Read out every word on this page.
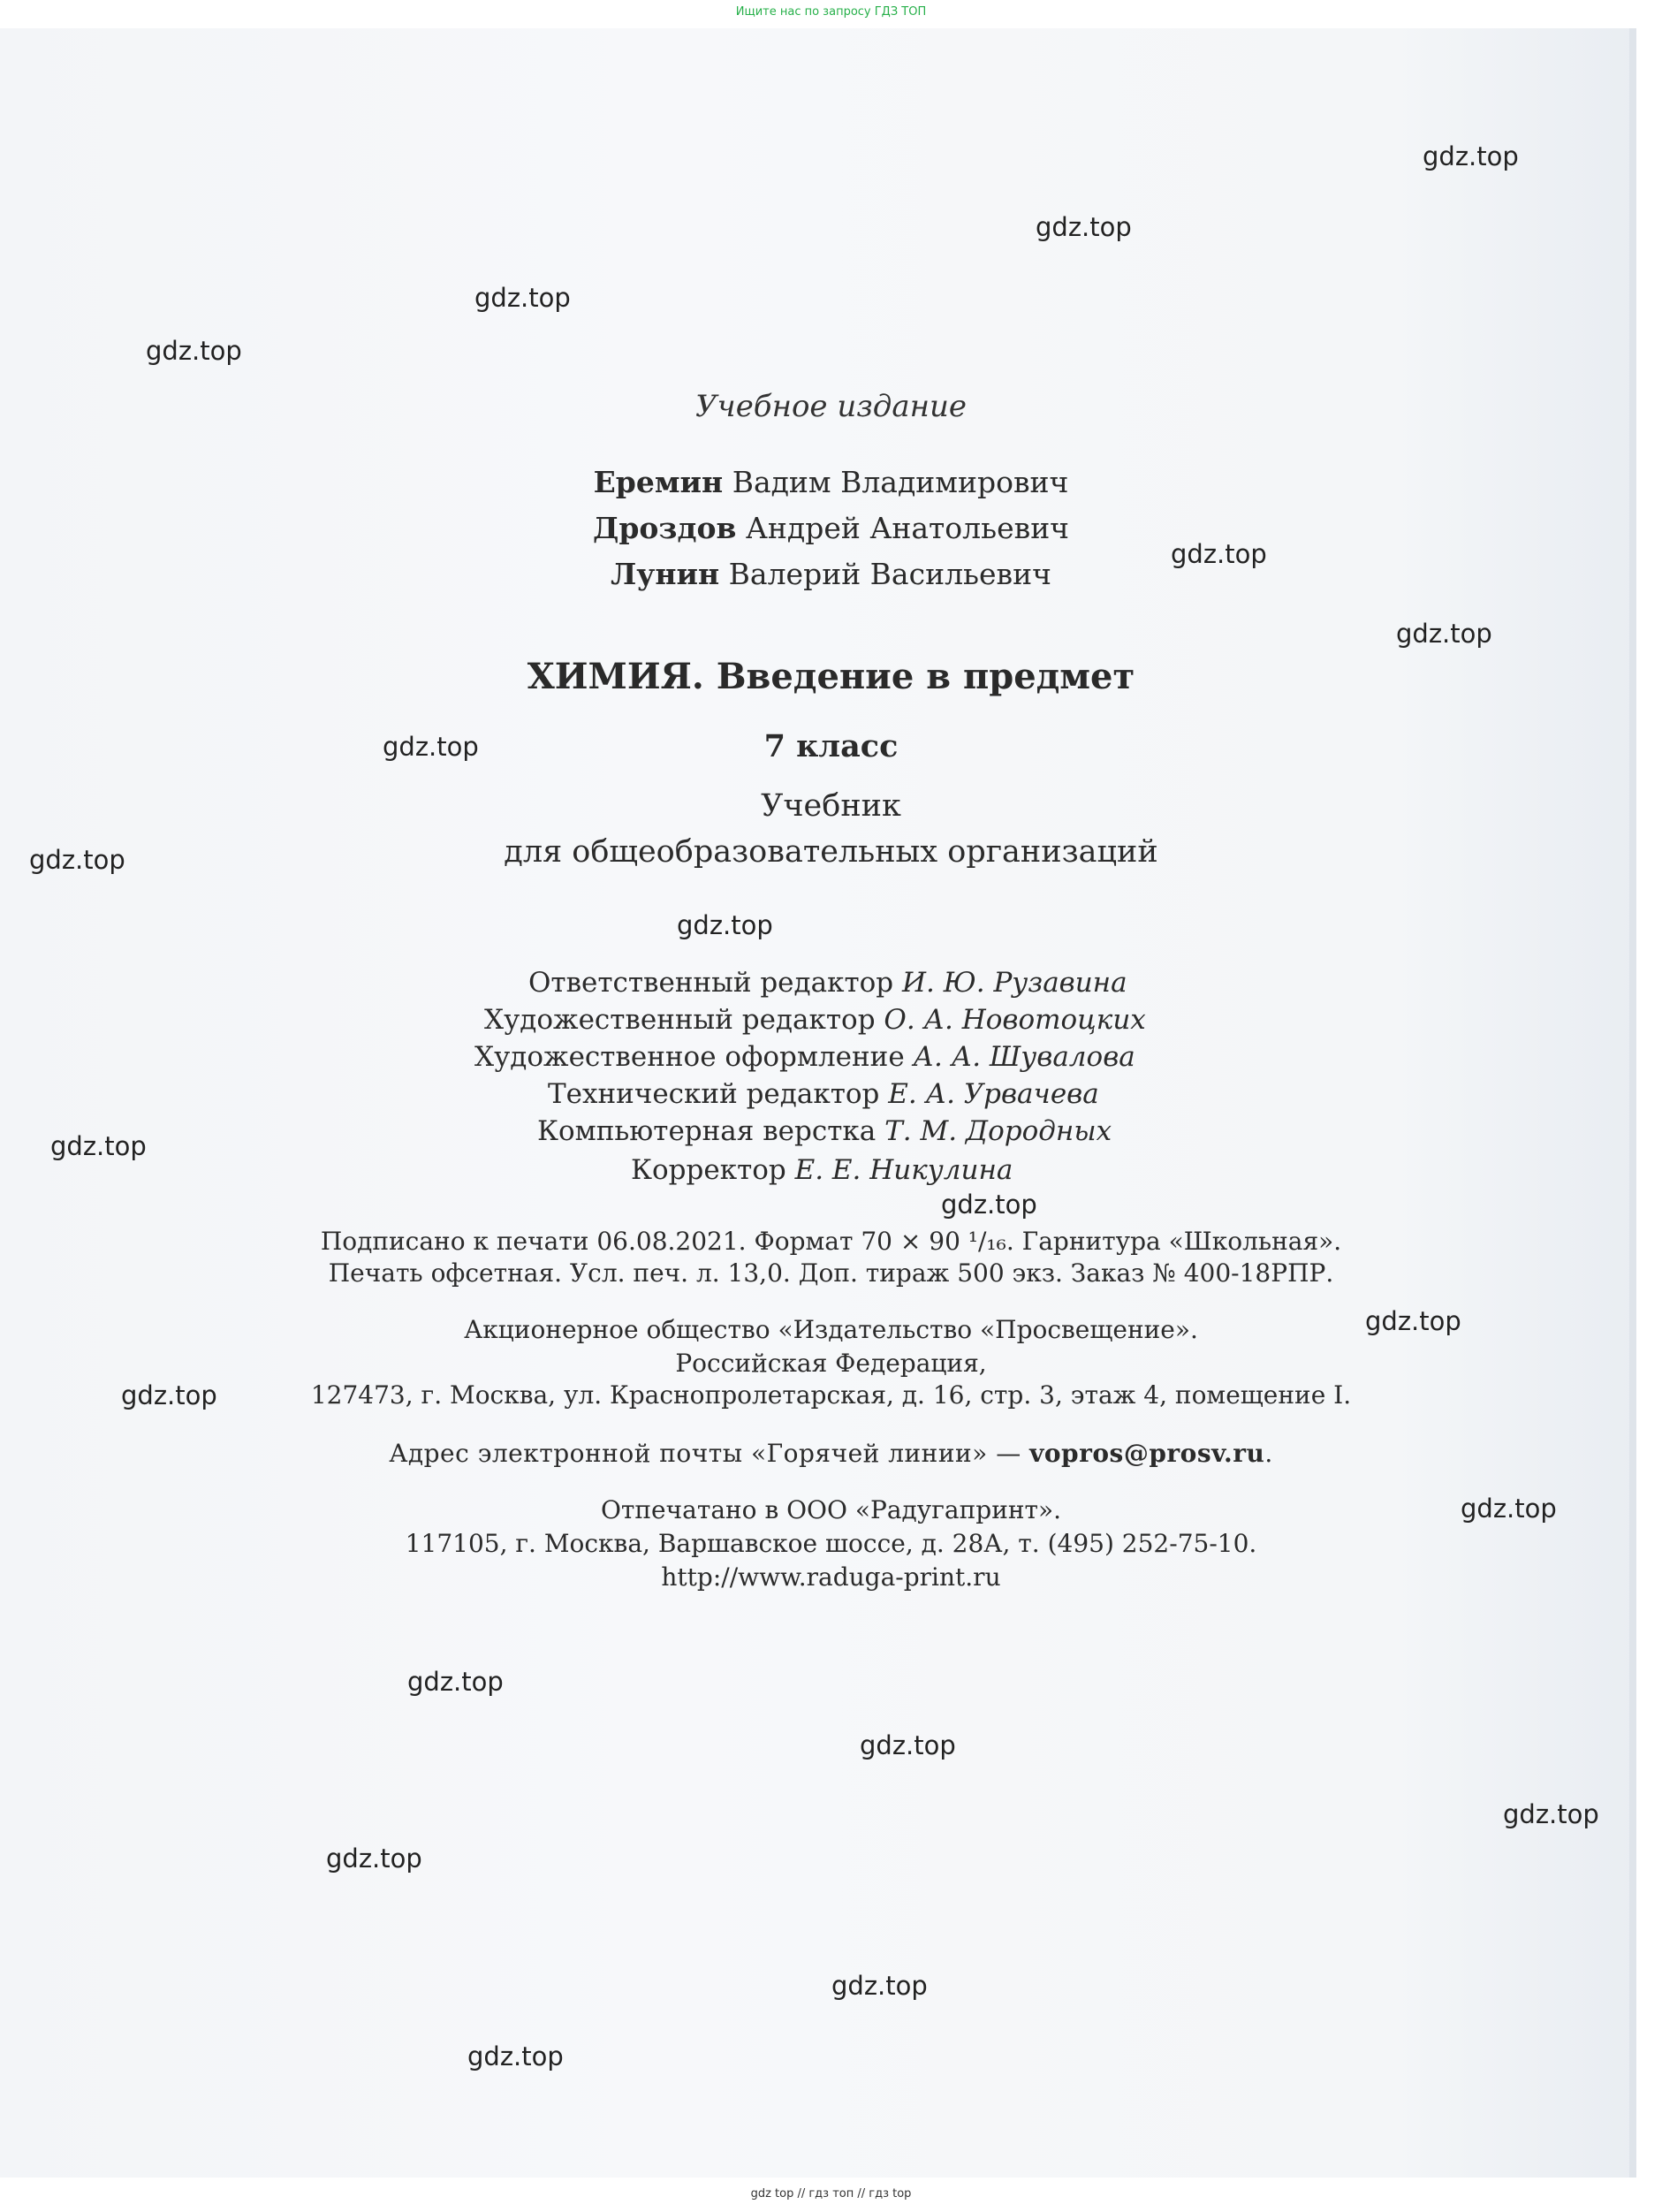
Ищите нас по запросу ГДЗ ТОП
Учебное издание
Еремин Вадим Владимирович
Дроздов Андрей Анатольевич
Лунин Валерий Васильевич
ХИМИЯ. Введение в предмет
7 класс
Учебник
для общеобразовательных организаций
Ответственный редактор И. Ю. Рузавина
Художественный редактор О. А. Новотоцких
Художественное оформление А. А. Шувалова
Технический редактор Е. А. Урвачева
Компьютерная верстка Т. М. Дородных
Корректор Е. Е. Никулина
Подписано к печати 06.08.2021. Формат 70 × 90 ¹/₁₆. Гарнитура «Школьная».
Печать офсетная. Усл. печ. л. 13,0. Доп. тираж 500 экз. Заказ № 400-18РПР.
Акционерное общество «Издательство «Просвещение».
Российская Федерация,
127473, г. Москва, ул. Краснопролетарская, д. 16, стр. 3, этаж 4, помещение I.
Адрес электронной почты «Горячей линии» — vopros@prosv.ru.
Отпечатано в ООО «Радугапринт».
117105, г. Москва, Варшавское шоссе, д. 28А, т. (495) 252-75-10.
http://www.raduga-print.ru
gdz.top
gdz.top
gdz.top
gdz.top
gdz.top
gdz.top
gdz.top
gdz.top
gdz.top
gdz.top
gdz.top
gdz.top
gdz.top
gdz.top
gdz.top
gdz.top
gdz.top
gdz.top
gdz.top
gdz.top
gdz top // гдз топ // гдз top
